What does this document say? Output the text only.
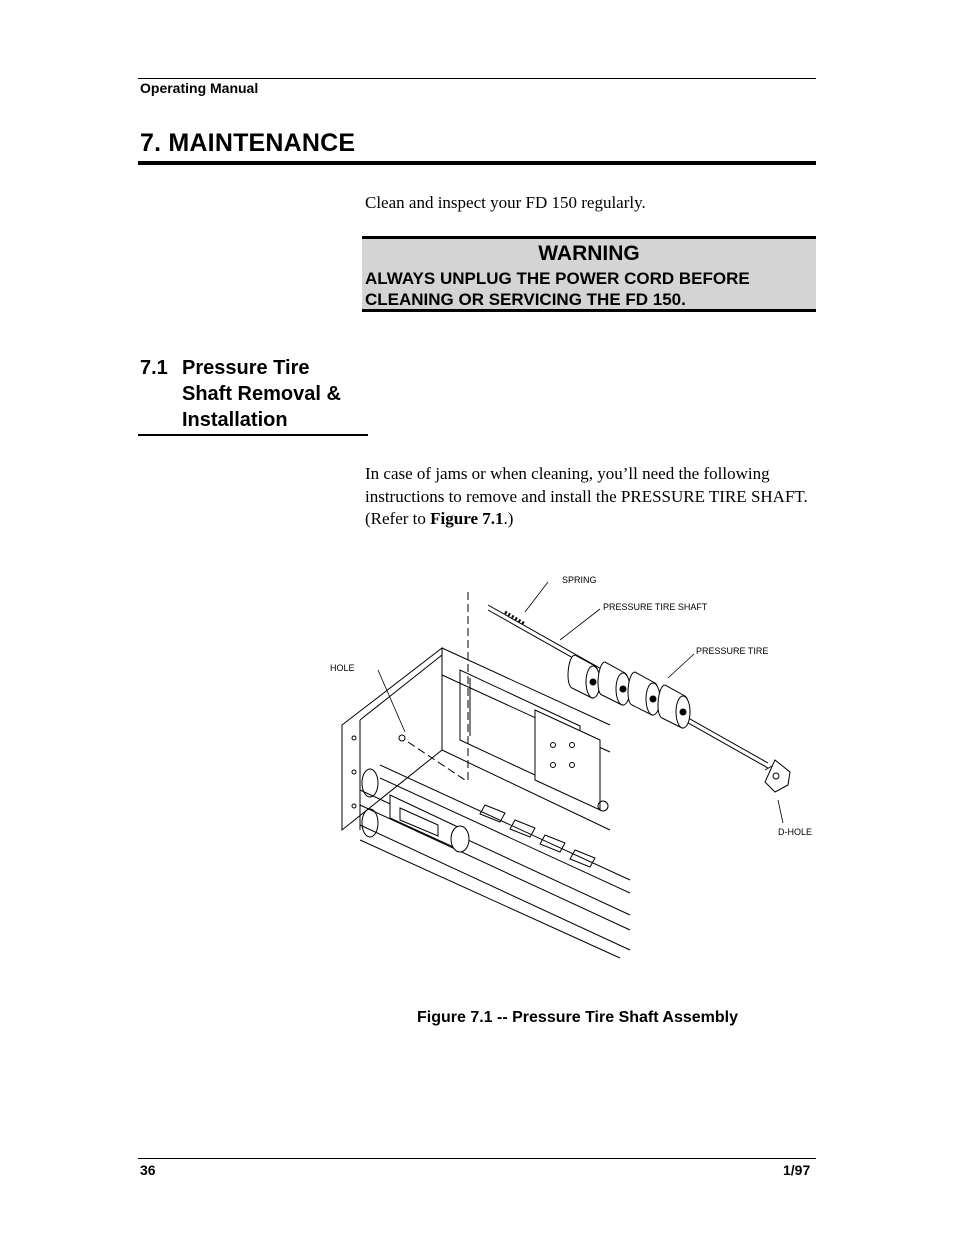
Operating Manual
7. MAINTENANCE
Clean and inspect your FD 150 regularly.
WARNING
ALWAYS UNPLUG THE POWER CORD BEFORE
CLEANING OR SERVICING THE FD 150.
7.1 Pressure Tire
Shaft Removal &
Installation
In case of jams or when cleaning, you’ll need the following instructions to remove and install the PRESSURE TIRE SHAFT. (Refer to Figure 7.1.)
SPRING
PRESSURE TIRE SHAFT
PRESSURE TIRE
HOLE
D-HOLE
Figure 7.1 -- Pressure Tire Shaft Assembly
36	1/97
